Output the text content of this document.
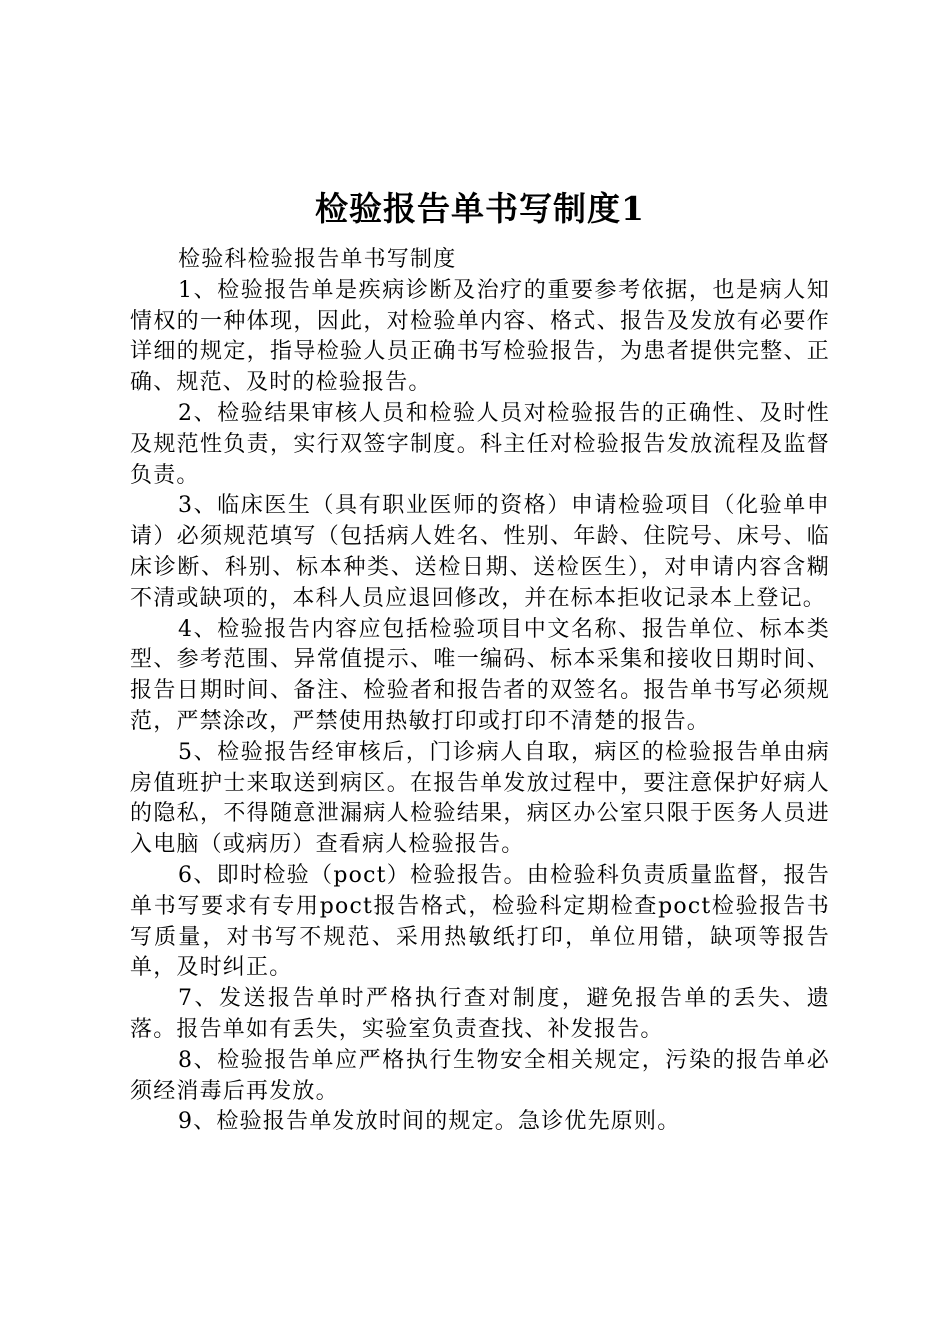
检验报告单书写制度1

检验科检验报告单书写制度

1、检验报告单是疾病诊断及治疗的重要参考依据，也是病人知情权的一种体现，因此，对检验单内容、格式、报告及发放有必要作详细的规定，指导检验人员正确书写检验报告，为患者提供完整、正确、规范、及时的检验报告。

2、检验结果审核人员和检验人员对检验报告的正确性、及时性及规范性负责，实行双签字制度。科主任对检验报告发放流程及监督负责。

3、临床医生（具有职业医师的资格）申请检验项目（化验单申请）必须规范填写（包括病人姓名、性别、年龄、住院号、床号、临床诊断、科别、标本种类、送检日期、送检医生），对申请内容含糊不清或缺项的，本科人员应退回修改，并在标本拒收记录本上登记。

4、检验报告内容应包括检验项目中文名称、报告单位、标本类型、参考范围、异常值提示、唯一编码、标本采集和接收日期时间、报告日期时间、备注、检验者和报告者的双签名。报告单书写必须规范，严禁涂改，严禁使用热敏打印或打印不清楚的报告。

5、检验报告经审核后，门诊病人自取，病区的检验报告单由病房值班护士来取送到病区。在报告单发放过程中，要注意保护好病人的隐私，不得随意泄漏病人检验结果，病区办公室只限于医务人员进入电脑（或病历）查看病人检验报告。

6、即时检验（poct）检验报告。由检验科负责质量监督，报告单书写要求有专用poct报告格式，检验科定期检查poct检验报告书写质量，对书写不规范、采用热敏纸打印，单位用错，缺项等报告单，及时纠正。

7、发送报告单时严格执行查对制度，避免报告单的丢失、遗落。报告单如有丢失，实验室负责查找、补发报告。

8、检验报告单应严格执行生物安全相关规定，污染的报告单必须经消毒后再发放。

9、检验报告单发放时间的规定。急诊优先原则。
